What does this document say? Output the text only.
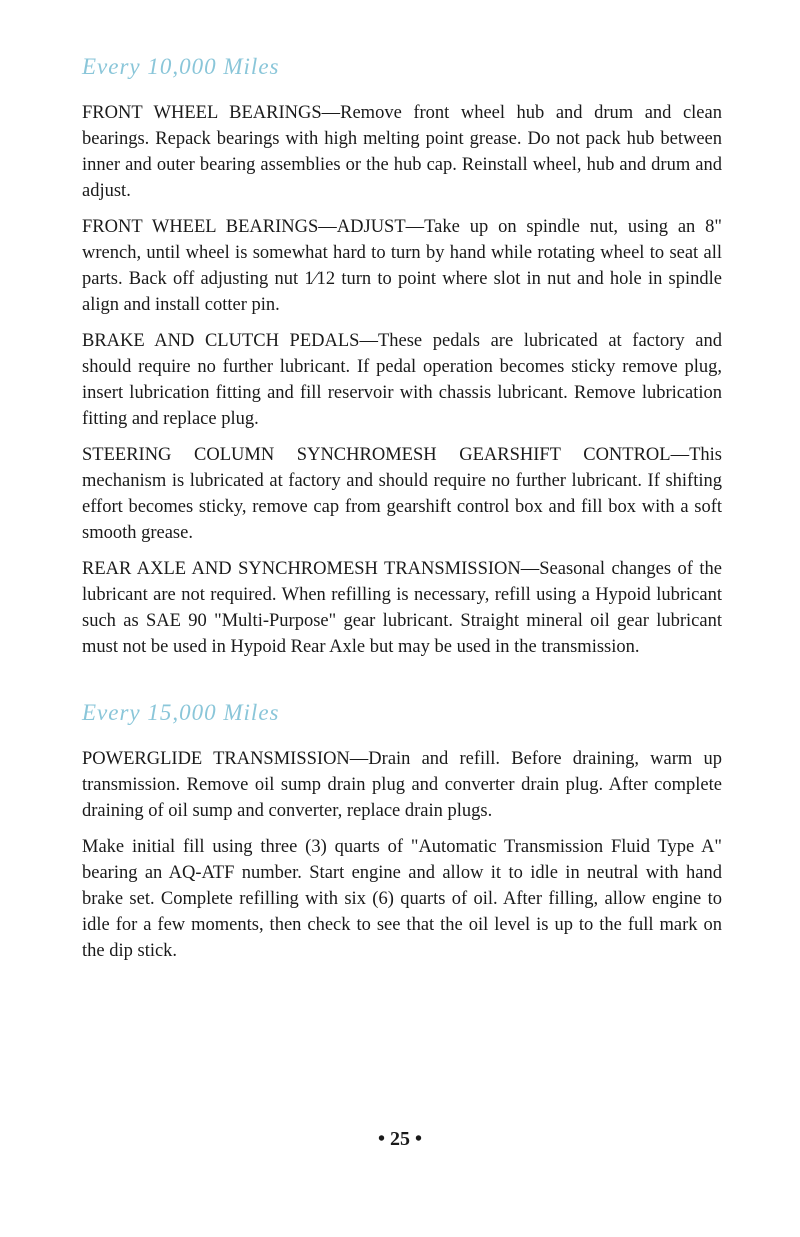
Every 10,000 Miles

FRONT WHEEL BEARINGS—Remove front wheel hub and drum and clean bearings. Repack bearings with high melting point grease. Do not pack hub between inner and outer bearing assemblies or the hub cap. Reinstall wheel, hub and drum and adjust.

FRONT WHEEL BEARINGS—ADJUST—Take up on spindle nut, using an 8" wrench, until wheel is somewhat hard to turn by hand while rotating wheel to seat all parts. Back off adjusting nut 1⁄12 turn to point where slot in nut and hole in spindle align and install cotter pin.

BRAKE AND CLUTCH PEDALS—These pedals are lubricated at factory and should require no further lubricant. If pedal operation becomes sticky remove plug, insert lubrication fitting and fill reservoir with chassis lubricant. Remove lubrication fitting and replace plug.

STEERING COLUMN SYNCHROMESH GEARSHIFT CONTROL—This mechanism is lubricated at factory and should require no further lubricant. If shifting effort becomes sticky, remove cap from gearshift control box and fill box with a soft smooth grease.

REAR AXLE AND SYNCHROMESH TRANSMISSION—Seasonal changes of the lubricant are not required. When refilling is necessary, refill using a Hypoid lubricant such as SAE 90 "Multi-Purpose" gear lubricant. Straight mineral oil gear lubricant must not be used in Hypoid Rear Axle but may be used in the transmission.

Every 15,000 Miles

POWERGLIDE TRANSMISSION—Drain and refill. Before draining, warm up transmission. Remove oil sump drain plug and converter drain plug. After complete draining of oil sump and converter, replace drain plugs.

Make initial fill using three (3) quarts of "Automatic Transmission Fluid Type A" bearing an AQ-ATF number. Start engine and allow it to idle in neutral with hand brake set. Complete refilling with six (6) quarts of oil. After filling, allow engine to idle for a few moments, then check to see that the oil level is up to the full mark on the dip stick.

• 25 •
